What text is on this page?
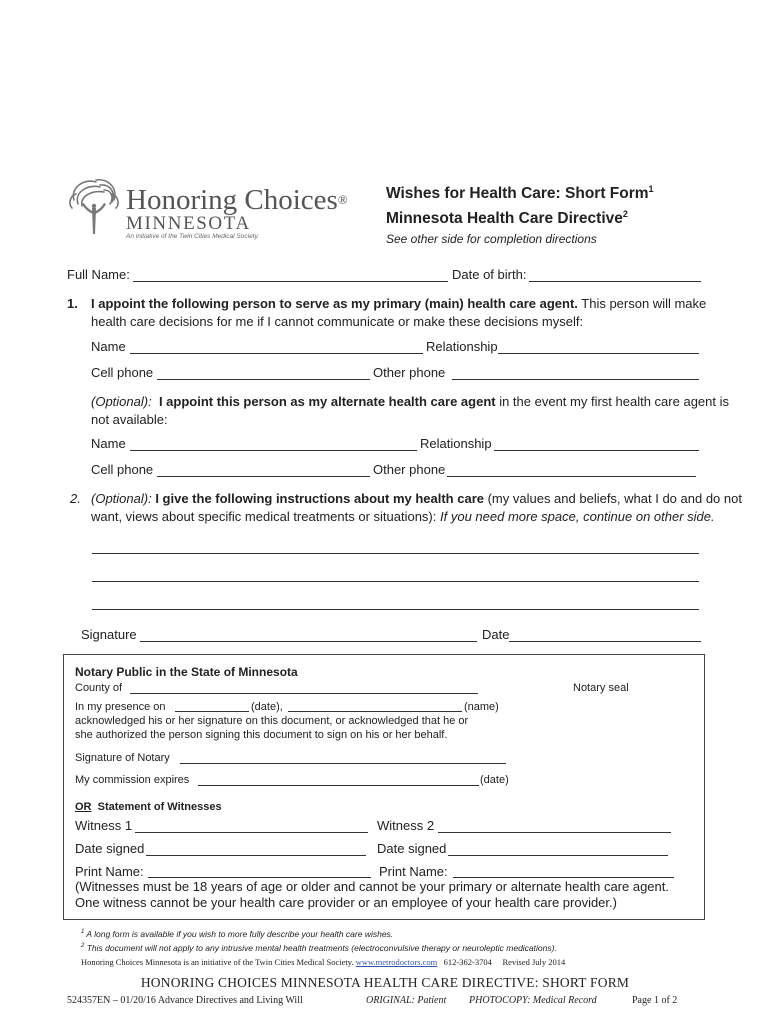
Honoring Choices®
MINNESOTA
An initiative of the Twin Cities Medical Society.
Wishes for Health Care: Short Form$^1$
Minnesota Health Care Directive$^2$
See other side for completion directions
Full Name:	Date of birth:
1. I appoint the following person to serve as my primary (main) health care agent. This person will make
health care decisions for me if I cannot communicate or make these decisions myself:
Name	Relationship
Cell phone	Other phone
(Optional): I appoint this person as my alternate health care agent in the event my first health care agent is
not available:
Name	Relationship
Cell phone	Other phone
2. (Optional): I give the following instructions about my health care (my values and beliefs, what I do and do not
want, views about specific medical treatments or situations): If you need more space, continue on other side.
Signature	Date
Notary Public in the State of Minnesota
County of	Notary seal
In my presence on	(date),	(name)
acknowledged his or her signature on this document, or acknowledged that he or
she authorized the person signing this document to sign on his or her behalf.
Signature of Notary
My commission expires	(date)
OR Statement of Witnesses
Witness 1	Witness 2
Date signed	Date signed
Print Name:	Print Name:
(Witnesses must be 18 years of age or older and cannot be your primary or alternate health care agent.
One witness cannot be your health care provider or an employee of your health care provider.)
$^1$ A long form is available if you wish to more fully describe your health care wishes.
$^2$ This document will not apply to any intrusive mental health treatments (electroconvulsive therapy or neuroleptic medications).
Honoring Choices Minnesota is an initiative of the Twin Cities Medical Society. www.metrodoctors.com 612-362-3704 Revised July 2014
HONORING CHOICES MINNESOTA HEALTH CARE DIRECTIVE: SHORT FORM
524357EN – 01/20/16 Advance Directives and Living Will	ORIGINAL: Patient PHOTOCOPY: Medical Record	Page 1 of 2
